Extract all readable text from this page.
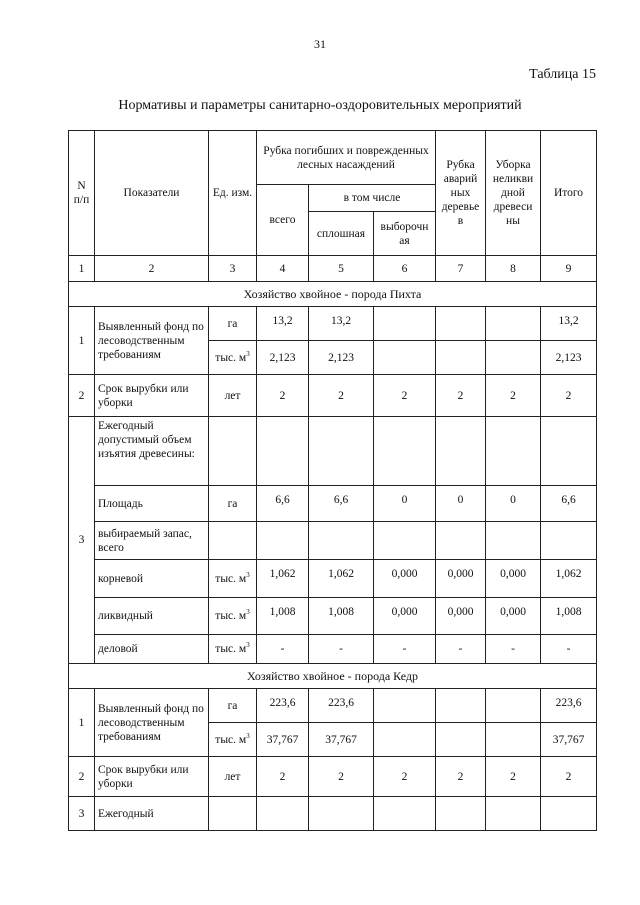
31
Таблица 15
Нормативы и параметры санитарно-оздоровительных мероприятий
N п/п	Показатели	Ед. изм.	Рубка погибших и поврежденных лесных насаждений			Рубка аварий ных деревье в	Уборка неликви дной древеси ны	Итого
			всего	в том числе				
				сплошная	выборочн ая			
1	2	3	4	5	6	7	8	9
Хозяйство хвойное - порода Пихта								
1	Выявленный фонд по лесоводственным требованиям	га	13,2	13,2				13,2
		тыс. $м^3$	2,123	2,123				2,123
2	Срок вырубки или уборки	лет	2	2	2	2	2	2
3	Ежегодный допустимый объем изъятия древесины:							
	Площадь	га	6,6	6,6	0	0	0	6,6
	выбираемый запас, всего							
	корневой	тыс. $м^3$	1,062	1,062	0,000	0,000	0,000	1,062
	ликвидный	тыс. $м^3$	1,008	1,008	0,000	0,000	0,000	1,008
	деловой	тыс. $м^3$	-	-	-	-	-	-
Хозяйство хвойное - порода Кедр								
1	Выявленный фонд по лесоводственным требованиям	га	223,6	223,6				223,6
		тыс. $м^3$	37,767	37,767				37,767
2	Срок вырубки или уборки	лет	2	2	2	2	2	2
3	Ежегодный							
